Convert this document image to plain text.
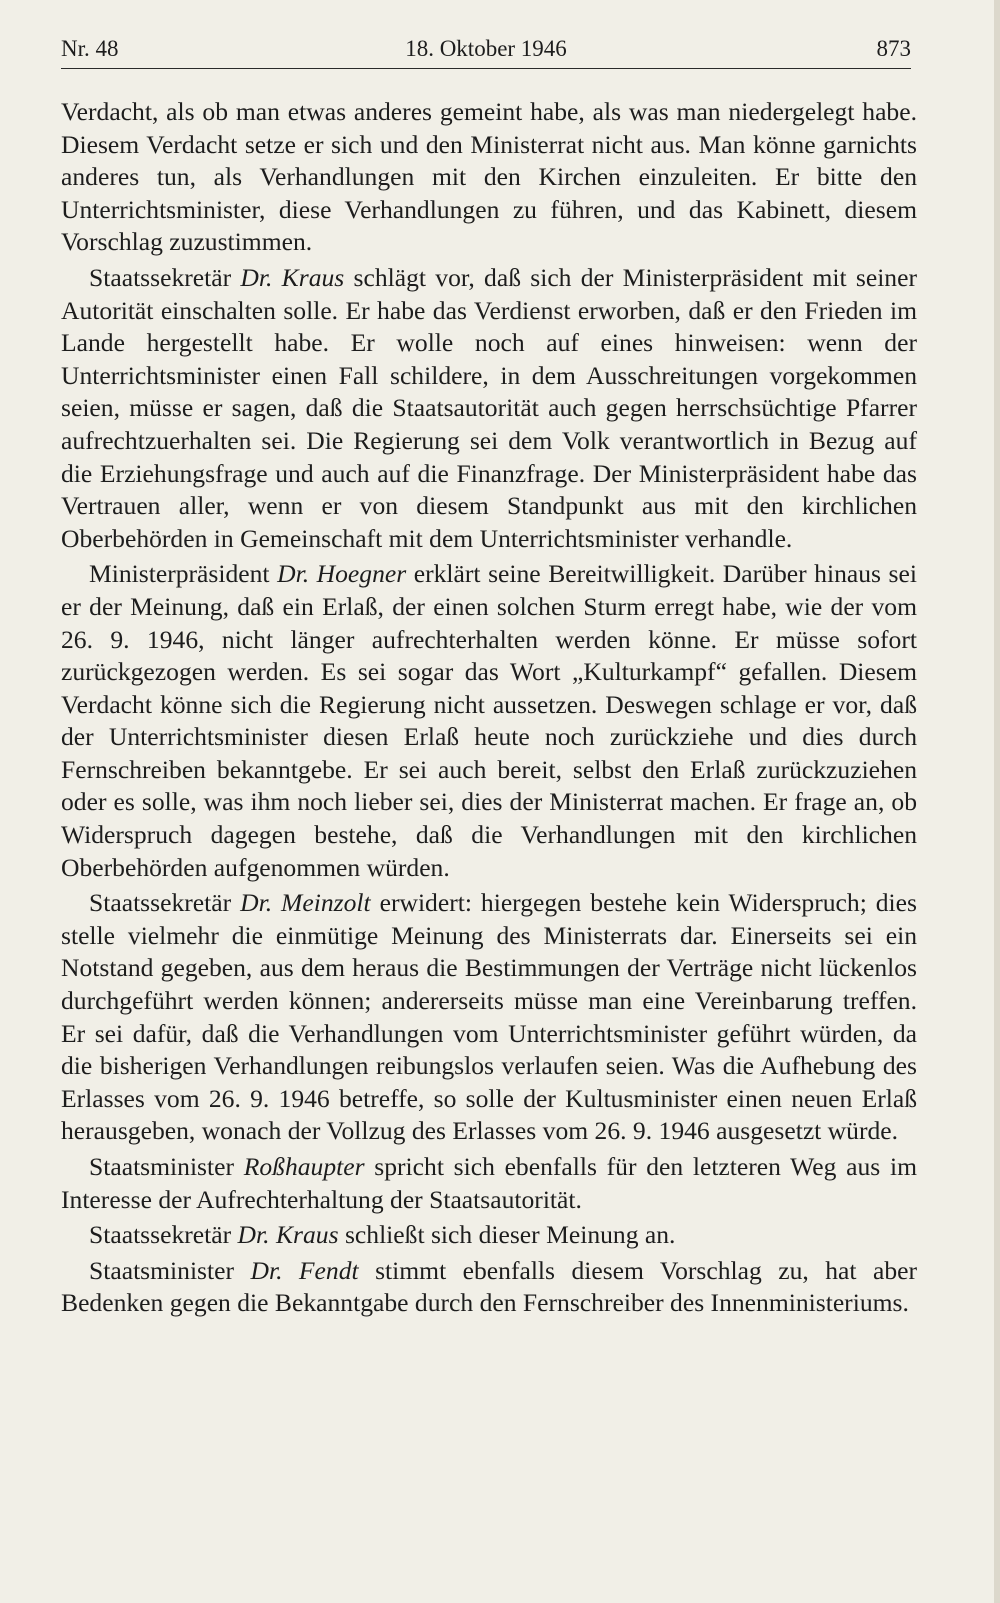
Nr. 48	18. Oktober 1946	873

Verdacht, als ob man etwas anderes gemeint habe, als was man niedergelegt habe. Diesem Verdacht setze er sich und den Ministerrat nicht aus. Man könne garnichts anderes tun, als Verhandlungen mit den Kirchen einzuleiten. Er bitte den Unterrichtsminister, diese Verhandlungen zu führen, und das Kabinett, diesem Vorschlag zuzustimmen.

Staatssekretär Dr. Kraus schlägt vor, daß sich der Ministerpräsident mit seiner Autorität einschalten solle. Er habe das Verdienst erworben, daß er den Frieden im Lande hergestellt habe. Er wolle noch auf eines hinweisen: wenn der Unterrichtsminister einen Fall schildere, in dem Ausschreitungen vorgekommen seien, müsse er sagen, daß die Staatsautorität auch gegen herrschsüchtige Pfarrer aufrechtzuerhalten sei. Die Regierung sei dem Volk verantwortlich in Bezug auf die Erziehungsfrage und auch auf die Finanzfrage. Der Ministerpräsident habe das Vertrauen aller, wenn er von diesem Standpunkt aus mit den kirchlichen Oberbehörden in Gemeinschaft mit dem Unterrichtsminister verhandle.

Ministerpräsident Dr. Hoegner erklärt seine Bereitwilligkeit. Darüber hinaus sei er der Meinung, daß ein Erlaß, der einen solchen Sturm erregt habe, wie der vom 26. 9. 1946, nicht länger aufrechterhalten werden könne. Er müsse sofort zurückgezogen werden. Es sei sogar das Wort „Kulturkampf“ gefallen. Diesem Verdacht könne sich die Regierung nicht aussetzen. Deswegen schlage er vor, daß der Unterrichtsminister diesen Erlaß heute noch zurückziehe und dies durch Fernschreiben bekanntgebe. Er sei auch bereit, selbst den Erlaß zurückzuziehen oder es solle, was ihm noch lieber sei, dies der Ministerrat machen. Er frage an, ob Widerspruch dagegen bestehe, daß die Verhandlungen mit den kirchlichen Oberbehörden aufgenommen würden.

Staatssekretär Dr. Meinzolt erwidert: hiergegen bestehe kein Widerspruch; dies stelle vielmehr die einmütige Meinung des Ministerrats dar. Einerseits sei ein Notstand gegeben, aus dem heraus die Bestimmungen der Verträge nicht lückenlos durchgeführt werden können; andererseits müsse man eine Vereinbarung treffen. Er sei dafür, daß die Verhandlungen vom Unterrichtsminister geführt würden, da die bisherigen Verhandlungen reibungslos verlaufen seien. Was die Aufhebung des Erlasses vom 26. 9. 1946 betreffe, so solle der Kultusminister einen neuen Erlaß herausgeben, wonach der Vollzug des Erlasses vom 26. 9. 1946 ausgesetzt würde.

Staatsminister Roßhaupter spricht sich ebenfalls für den letzteren Weg aus im Interesse der Aufrechterhaltung der Staatsautorität.

Staatssekretär Dr. Kraus schließt sich dieser Meinung an.

Staatsminister Dr. Fendt stimmt ebenfalls diesem Vorschlag zu, hat aber Bedenken gegen die Bekanntgabe durch den Fernschreiber des Innenministeriums.
